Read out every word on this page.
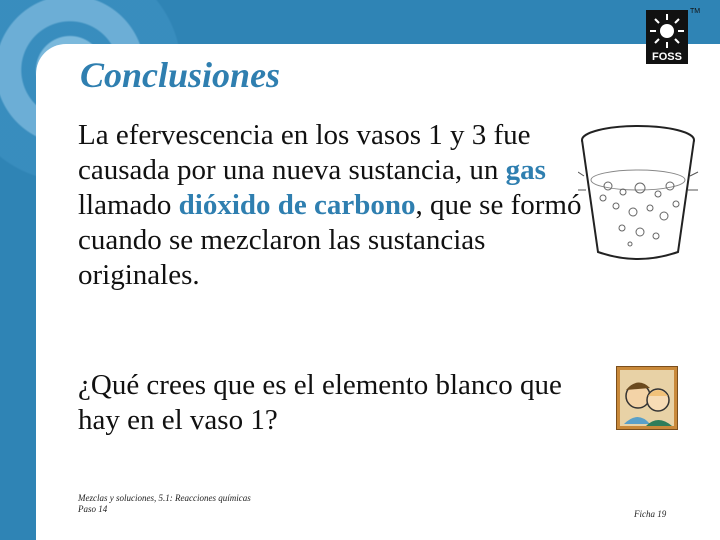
Conclusiones
La efervescencia en los vasos 1 y 3 fue causada por una nueva sustancia, un gas llamado dióxido de carbono, que se formó cuando se mezclaron las sustancias originales.
¿Qué crees que es el elemento blanco que hay en el vaso 1?
Mezclas y soluciones, 5.1: Reacciones químicas
Paso 14	Ficha 19
FOSS
TM
